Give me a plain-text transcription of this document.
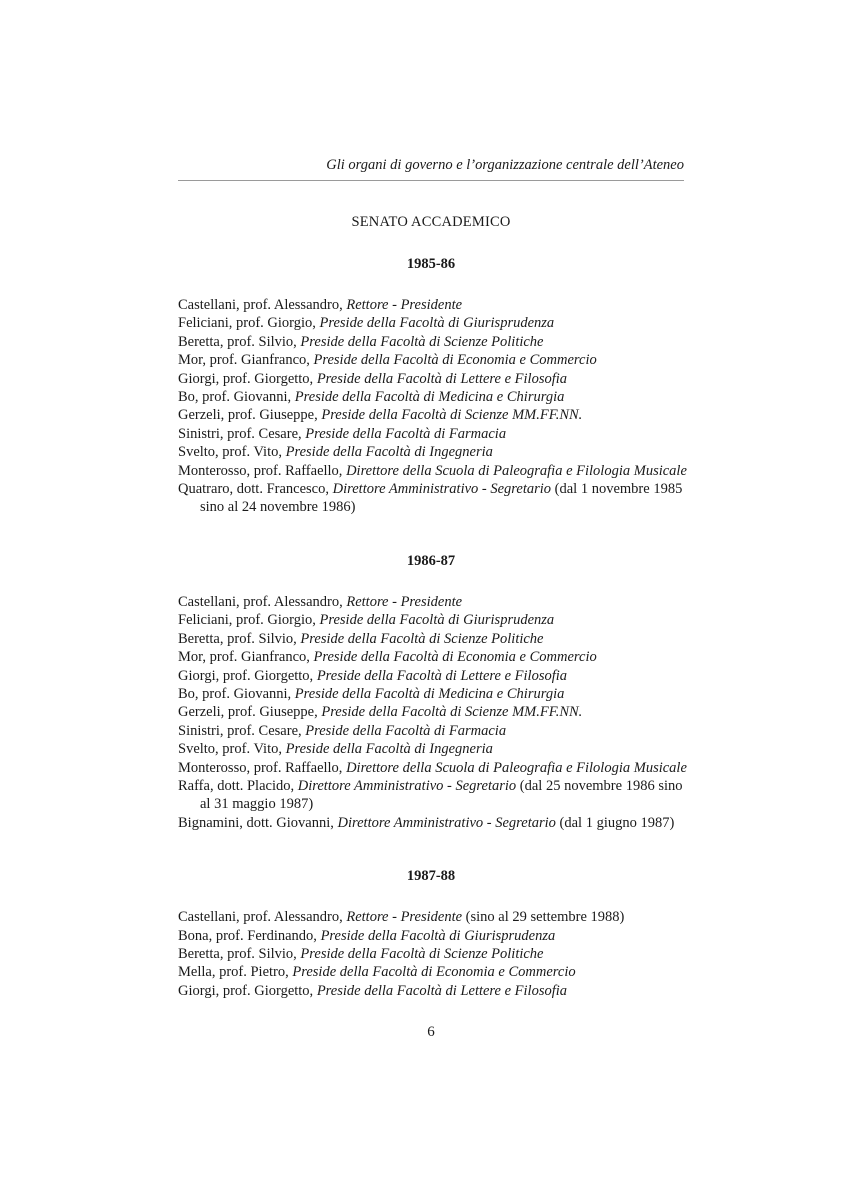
Gli organi di governo e l’organizzazione centrale dell’Ateneo

SENATO ACCADEMICO

1985-86

Castellani, prof. Alessandro, Rettore - Presidente

Feliciani, prof. Giorgio, Preside della Facoltà di Giurisprudenza

Beretta, prof. Silvio, Preside della Facoltà di Scienze Politiche

Mor, prof. Gianfranco, Preside della Facoltà di Economia e Commercio

Giorgi, prof. Giorgetto, Preside della Facoltà di Lettere e Filosofia

Bo, prof. Giovanni, Preside della Facoltà di Medicina e Chirurgia

Gerzeli, prof. Giuseppe, Preside della Facoltà di Scienze MM.FF.NN.

Sinistri, prof. Cesare, Preside della Facoltà di Farmacia

Svelto, prof. Vito, Preside della Facoltà di Ingegneria

Monterosso, prof. Raffaello, Direttore della Scuola di Paleografia e Filologia Musicale

Quatraro, dott. Francesco, Direttore Amministrativo - Segretario (dal 1 novembre 1985 sino al 24 novembre 1986)

1986-87

Castellani, prof. Alessandro, Rettore - Presidente

Feliciani, prof. Giorgio, Preside della Facoltà di Giurisprudenza

Beretta, prof. Silvio, Preside della Facoltà di Scienze Politiche

Mor, prof. Gianfranco, Preside della Facoltà di Economia e Commercio

Giorgi, prof. Giorgetto, Preside della Facoltà di Lettere e Filosofia

Bo, prof. Giovanni, Preside della Facoltà di Medicina e Chirurgia

Gerzeli, prof. Giuseppe, Preside della Facoltà di Scienze MM.FF.NN.

Sinistri, prof. Cesare, Preside della Facoltà di Farmacia

Svelto, prof. Vito, Preside della Facoltà di Ingegneria

Monterosso, prof. Raffaello, Direttore della Scuola di Paleografia e Filologia Musicale

Raffa, dott. Placido, Direttore Amministrativo - Segretario (dal 25 novembre 1986 sino al 31 maggio 1987)

Bignamini, dott. Giovanni, Direttore Amministrativo - Segretario (dal 1 giugno 1987)

1987-88

Castellani, prof. Alessandro, Rettore - Presidente (sino al 29 settembre 1988)

Bona, prof. Ferdinando, Preside della Facoltà di Giurisprudenza

Beretta, prof. Silvio, Preside della Facoltà di Scienze Politiche

Mella, prof. Pietro, Preside della Facoltà di Economia e Commercio

Giorgi, prof. Giorgetto, Preside della Facoltà di Lettere e Filosofia

6
